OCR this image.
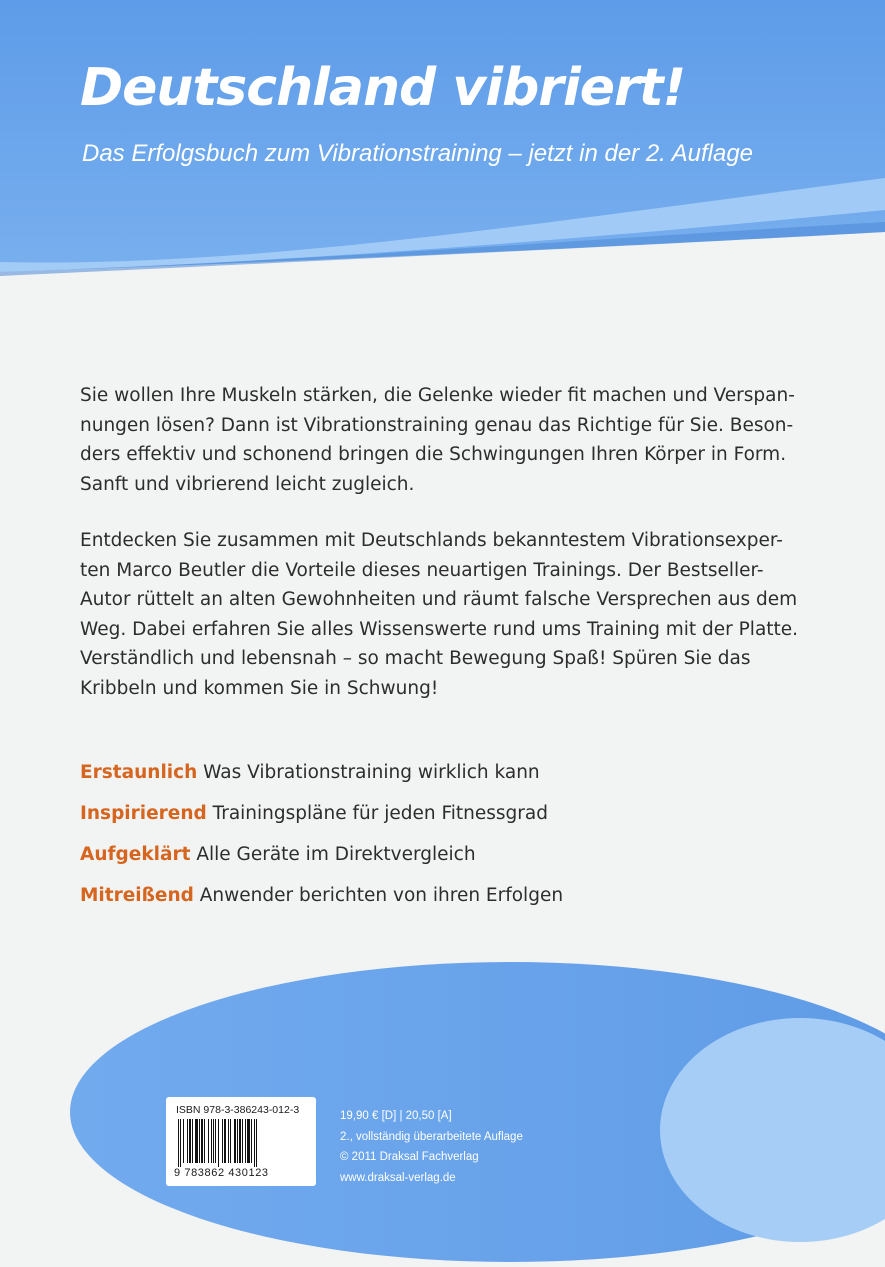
Deutschland vibriert!

Das Erfolgsbuch zum Vibrationstraining – jetzt in der 2. Auflage

Sie wollen Ihre Muskeln stärken, die Gelenke wieder fit machen und Verspan-
nungen lösen? Dann ist Vibrationstraining genau das Richtige für Sie. Beson-
ders effektiv und schonend bringen die Schwingungen Ihren Körper in Form.
Sanft und vibrierend leicht zugleich.

Entdecken Sie zusammen mit Deutschlands bekanntestem Vibrationsexper-
ten Marco Beutler die Vorteile dieses neuartigen Trainings. Der Bestseller-
Autor rüttelt an alten Gewohnheiten und räumt falsche Versprechen aus dem
Weg. Dabei erfahren Sie alles Wissenswerte rund ums Training mit der Platte.
Verständlich und lebensnah – so macht Bewegung Spaß! Spüren Sie das
Kribbeln und kommen Sie in Schwung!

Erstaunlich Was Vibrationstraining wirklich kann
Inspirierend Trainingspläne für jeden Fitnessgrad
Aufgeklärt Alle Geräte im Direktvergleich
Mitreißend Anwender berichten von ihren Erfolgen
ISBN 978-3-386243-012-3
9 783862 430123
19,90 € [D] | 20,50 [A]
2., vollständig überarbeitete Auflage
© 2011 Draksal Fachverlag
www.draksal-verlag.de
